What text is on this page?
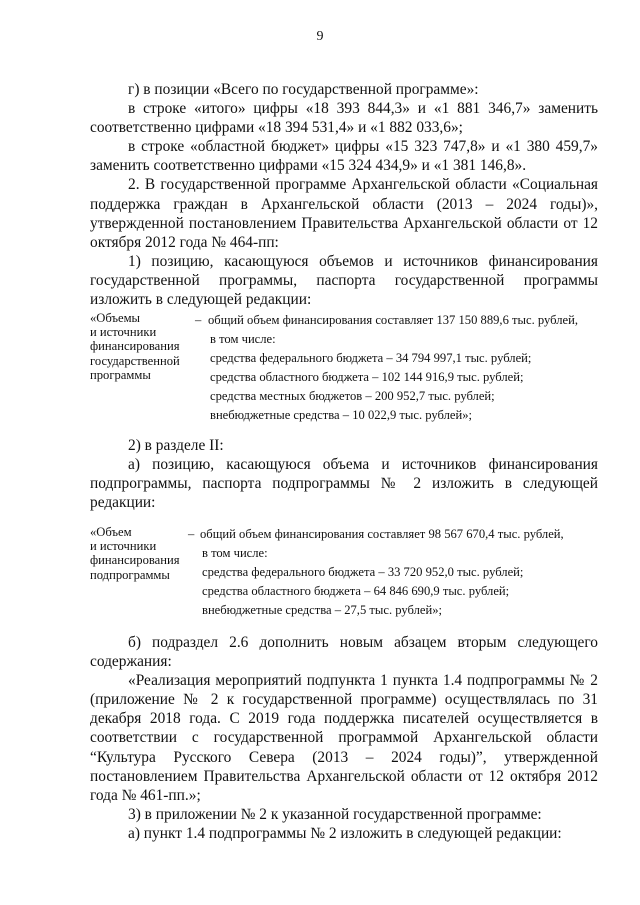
9

г) в позиции «Всего по государственной программе»:

в строке «итого» цифры «18 393 844,3» и «1 881 346,7» заменить соответственно цифрами «18 394 531,4» и «1 882 033,6»;

в строке «областной бюджет» цифры «15 323 747,8» и «1 380 459,7» заменить соответственно цифрами «15 324 434,9» и «1 381 146,8».

2. В государственной программе Архангельской области «Социальная поддержка граждан в Архангельской области (2013 – 2024 годы)», утвержденной постановлением Правительства Архангельской области от 12 октября 2012 года № 464-пп:

1) позицию, касающуюся объемов и источников финансирования государственной программы, паспорта государственной программы изложить в следующей редакции:

«Объемы
и источники
финансирования
государственной
программы
– общий объем финансирования составляет 137 150 889,6 тыс. рублей,
в том числе:
средства федерального бюджета – 34 794 997,1 тыс. рублей;
средства областного бюджета – 102 144 916,9 тыс. рублей;
средства местных бюджетов – 200 952,7 тыс. рублей;
внебюджетные средства – 10 022,9 тыс. рублей»;

2) в разделе II:

а) позицию, касающуюся объема и источников финансирования подпрограммы, паспорта подпрограммы № 2 изложить в следующей редакции:

«Объем
и источники
финансирования
подпрограммы
– общий объем финансирования составляет 98 567 670,4 тыс. рублей,
в том числе:
средства федерального бюджета – 33 720 952,0 тыс. рублей;
средства областного бюджета – 64 846 690,9 тыс. рублей;
внебюджетные средства – 27,5 тыс. рублей»;

б) подраздел 2.6 дополнить новым абзацем вторым следующего содержания:

«Реализация мероприятий подпункта 1 пункта 1.4 подпрограммы № 2 (приложение № 2 к государственной программе) осуществлялась по 31 декабря 2018 года. С 2019 года поддержка писателей осуществляется в соответствии с государственной программой Архангельской области “Культура Русского Севера (2013 – 2024 годы)”, утвержденной постановлением Правительства Архангельской области от 12 октября 2012 года № 461-пп.»;

3) в приложении № 2 к указанной государственной программе:

а) пункт 1.4 подпрограммы № 2 изложить в следующей редакции:
